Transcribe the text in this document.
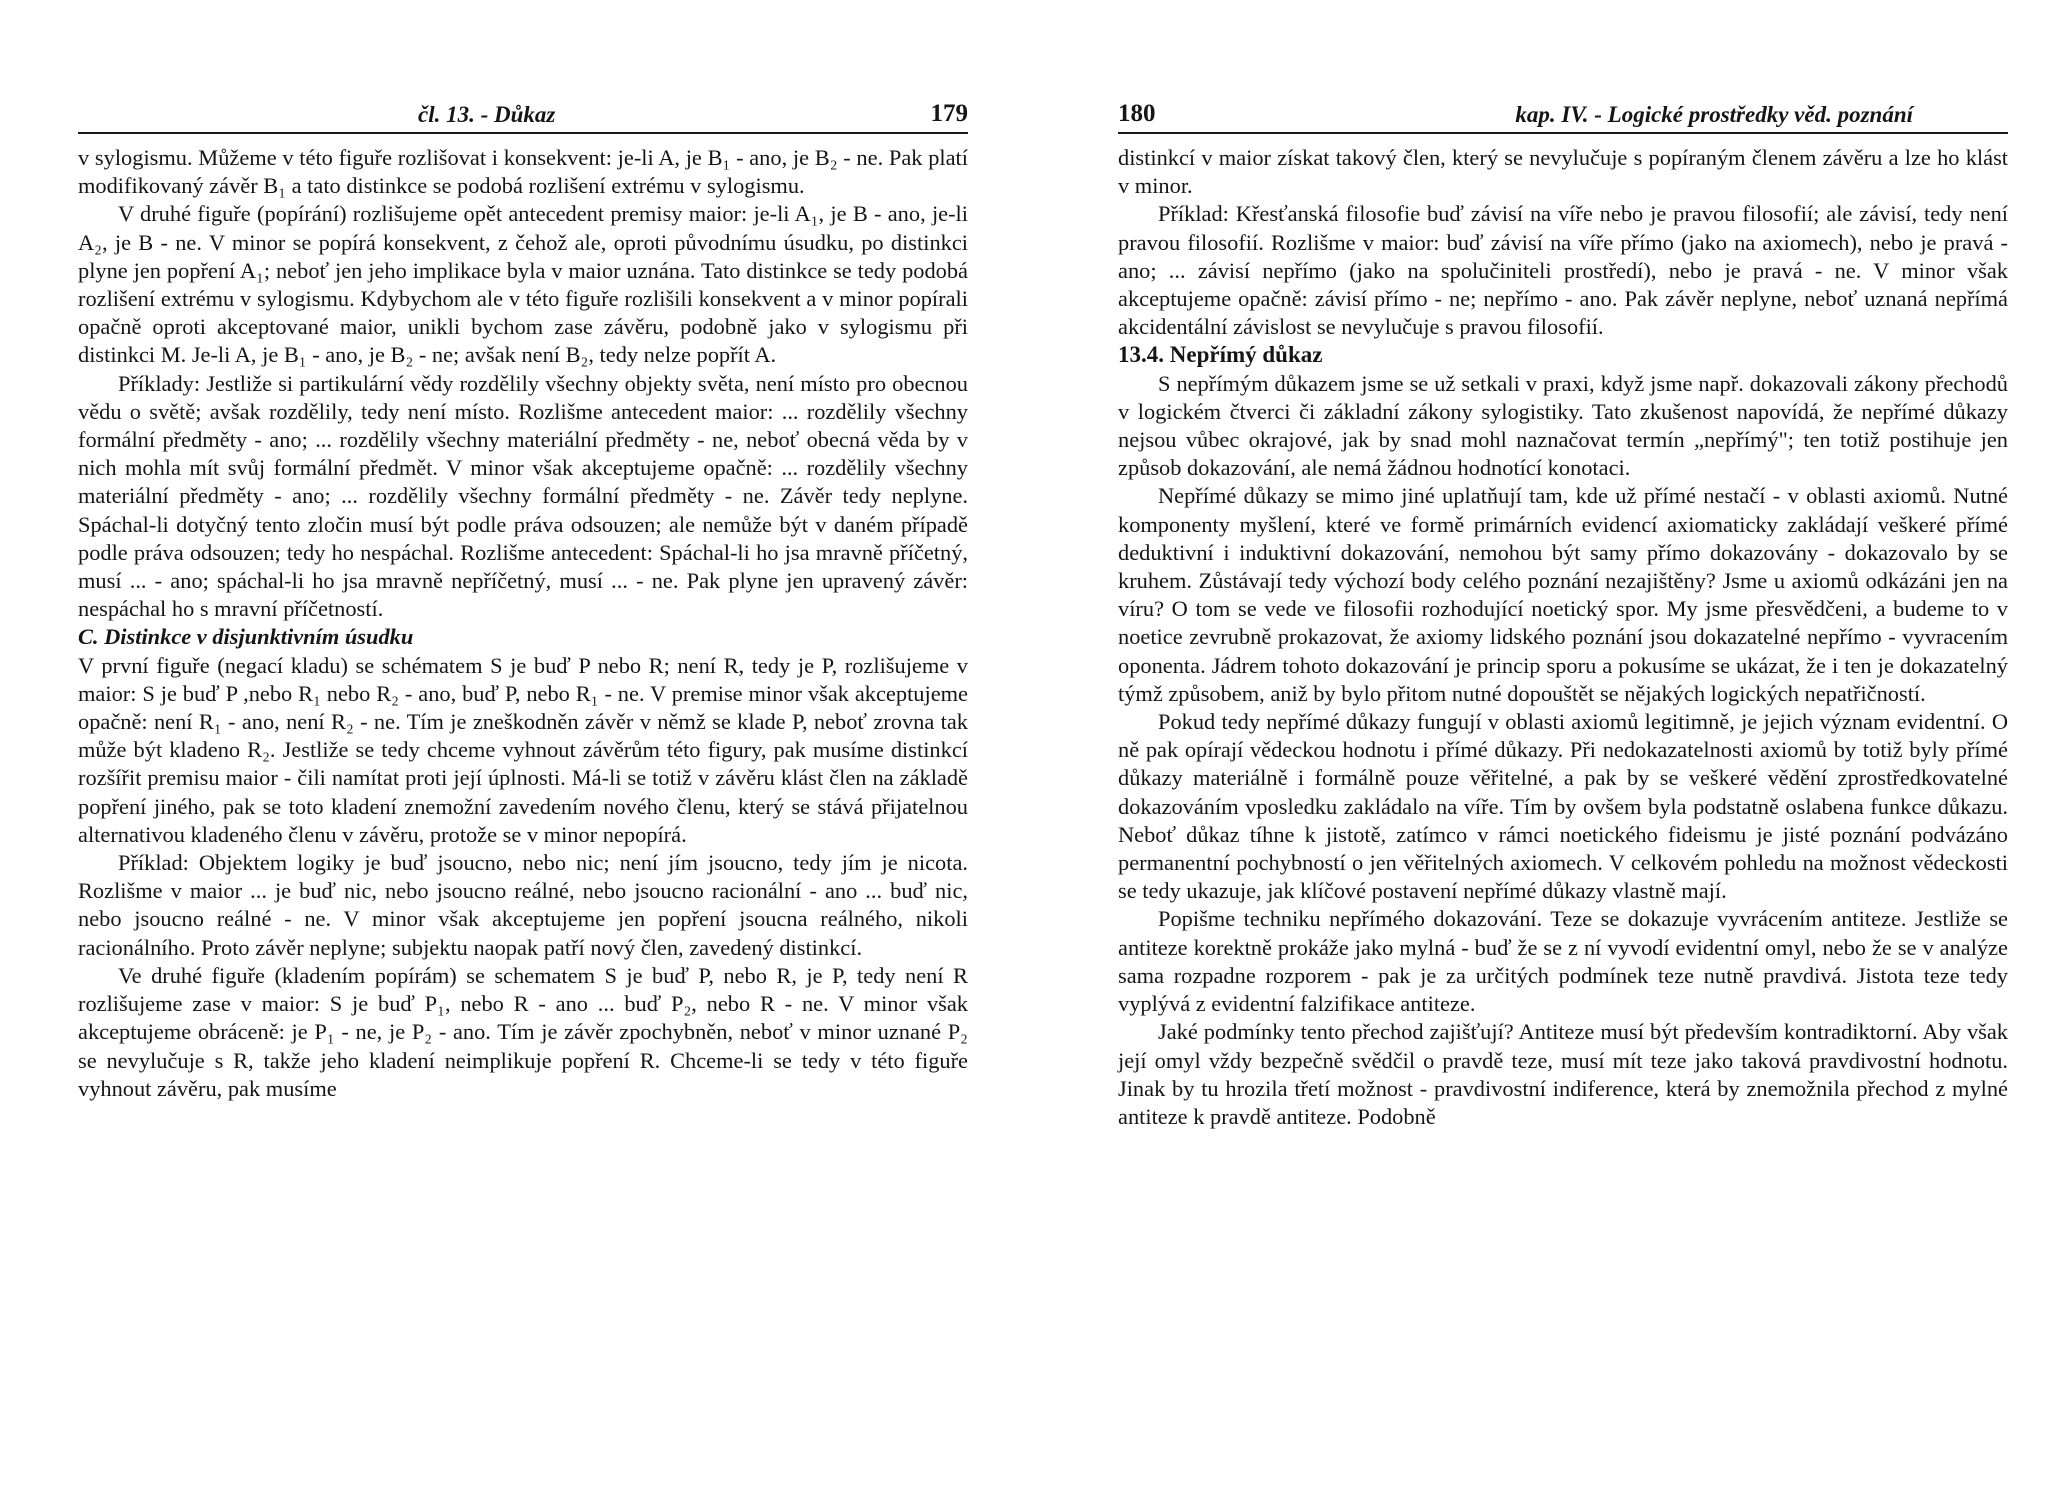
čl. 13. - Důkaz	179

v sylogismu. Můžeme v této figuře rozlišovat i konsekvent: je-li A, je B₁ - ano, je B₂ - ne. Pak platí modifikovaný závěr B₁ a tato distinkce se podobá rozlišení extrému v sylogismu.

V druhé figuře (popírání) rozlišujeme opět antecedent premisy maior: je-li A₁, je B - ano, je-li A₂, je B - ne. V minor se popírá konsekvent, z čehož ale, oproti původnímu úsudku, po distinkci plyne jen popření A₁; neboť jen jeho implikace byla v maior uznána. Tato distinkce se tedy podobá rozlišení extrému v sylogismu. Kdybychom ale v této figuře rozlišili konsekvent a v minor popírali opačně oproti akceptované maior, unikli bychom zase závěru, podobně jako v sylogismu při distinkci M. Je-li A, je B₁ - ano, je B₂ - ne; avšak není B₂, tedy nelze popřít A.

Příklady: Jestliže si partikulární vědy rozdělily všechny objekty světa, není místo pro obecnou vědu o světě; avšak rozdělily, tedy není místo. Rozlišme antecedent maior: ... rozdělily všechny formální předměty - ano; ... rozdělily všechny materiální předměty - ne, neboť obecná věda by v nich mohla mít svůj formální předmět. V minor však akceptujeme opačně: ... rozdělily všechny materiální předměty - ano; ... rozdělily všechny formální předměty - ne. Závěr tedy neplyne. Spáchal-li dotyčný tento zločin musí být podle práva odsouzen; ale nemůže být v daném případě podle práva odsouzen; tedy ho nespáchal. Rozlišme antecedent: Spáchal-li ho jsa mravně příčetný, musí ... - ano; spáchal-li ho jsa mravně nepříčetný, musí ... - ne. Pak plyne jen upravený závěr: nespáchal ho s mravní příčetností.

C. Distinkce v disjunktivním úsudku

V první figuře (negací kladu) se schématem S je buď P nebo R; není R, tedy je P, rozlišujeme v maior: S je buď P ,nebo R₁ nebo R₂ - ano, buď P, nebo R₁ - ne. V premise minor však akceptujeme opačně: není R₁ - ano, není R₂ - ne. Tím je zneškodněn závěr v němž se klade P, neboť zrovna tak může být kladeno R₂. Jestliže se tedy chceme vyhnout závěrům této figury, pak musíme distinkcí rozšířit premisu maior - čili namítat proti její úplnosti. Má-li se totiž v závěru klást člen na základě popření jiného, pak se toto kladení znemožní zavedením nového členu, který se stává přijatelnou alternativou kladeného členu v závěru, protože se v minor nepopírá.

Příklad: Objektem logiky je buď jsoucno, nebo nic; není jím jsoucno, tedy jím je nicota. Rozlišme v maior ... je buď nic, nebo jsoucno reálné, nebo jsoucno racionální - ano ... buď nic, nebo jsoucno reálné - ne. V minor však akceptujeme jen popření jsoucna reálného, nikoli racionálního. Proto závěr neplyne; subjektu naopak patří nový člen, zavedený distinkcí.

Ve druhé figuře (kladením popírám) se schematem S je buď P, nebo R, je P, tedy není R rozlišujeme zase v maior: S je buď P₁, nebo R - ano ... buď P₂, nebo R - ne. V minor však akceptujeme obráceně: je P₁ - ne, je P₂ - ano. Tím je závěr zpochybněn, neboť v minor uznané P₂ se nevylučuje s R, takže jeho kladení neimplikuje popření R. Chceme-li se tedy v této figuře vyhnout závěru, pak musíme

180	kap. IV. - Logické prostředky věd. poznání

distinkcí v maior získat takový člen, který se nevylučuje s popíraným členem závěru a lze ho klást v minor.

Příklad: Křesťanská filosofie buď závisí na víře nebo je pravou filosofií; ale závisí, tedy není pravou filosofií. Rozlišme v maior: buď závisí na víře přímo (jako na axiomech), nebo je pravá - ano; ... závisí nepřímo (jako na spolučiniteli prostředí), nebo je pravá - ne. V minor však akceptujeme opačně: závisí přímo - ne; nepřímo - ano. Pak závěr neplyne, neboť uznaná nepřímá akcidentální závislost se nevylučuje s pravou filosofií.

13.4. Nepřímý důkaz

S nepřímým důkazem jsme se už setkali v praxi, když jsme např. dokazovali zákony přechodů v logickém čtverci či základní zákony sylogistiky. Tato zkušenost napovídá, že nepřímé důkazy nejsou vůbec okrajové, jak by snad mohl naznačovat termín „nepřímý"; ten totiž postihuje jen způsob dokazování, ale nemá žádnou hodnotící konotaci.

Nepřímé důkazy se mimo jiné uplatňují tam, kde už přímé nestačí - v oblasti axiomů. Nutné komponenty myšlení, které ve formě primárních evidencí axiomaticky zakládají veškeré přímé deduktivní i induktivní dokazování, nemohou být samy přímo dokazovány - dokazovalo by se kruhem. Zůstávají tedy výchozí body celého poznání nezajištěny? Jsme u axiomů odkázáni jen na víru? O tom se vede ve filosofii rozhodující noetický spor. My jsme přesvědčeni, a budeme to v noetice zevrubně prokazovat, že axiomy lidského poznání jsou dokazatelné nepřímo - vyvracením oponenta. Jádrem tohoto dokazování je princip sporu a pokusíme se ukázat, že i ten je dokazatelný týmž způsobem, aniž by bylo přitom nutné dopouštět se nějakých logických nepatřičností.

Pokud tedy nepřímé důkazy fungují v oblasti axiomů legitimně, je jejich význam evidentní. O ně pak opírají vědeckou hodnotu i přímé důkazy. Při nedokazatelnosti axiomů by totiž byly přímé důkazy materiálně i formálně pouze věřitelné, a pak by se veškeré vědění zprostředkovatelné dokazováním vposledku zakládalo na víře. Tím by ovšem byla podstatně oslabena funkce důkazu. Neboť důkaz tíhne k jistotě, zatímco v rámci noetického fideismu je jisté poznání podvázáno permanentní pochybností o jen věřitelných axiomech. V celkovém pohledu na možnost vědeckosti se tedy ukazuje, jak klíčové postavení nepřímé důkazy vlastně mají.

Popišme techniku nepřímého dokazování. Teze se dokazuje vyvrácením antiteze. Jestliže se antiteze korektně prokáže jako mylná - buď že se z ní vyvodí evidentní omyl, nebo že se v analýze sama rozpadne rozporem - pak je za určitých podmínek teze nutně pravdivá. Jistota teze tedy vyplývá z evidentní falzifikace antiteze.

Jaké podmínky tento přechod zajišťují? Antiteze musí být především kontradiktorní. Aby však její omyl vždy bezpečně svědčil o pravdě teze, musí mít teze jako taková pravdivostní hodnotu. Jinak by tu hrozila třetí možnost - pravdivostní indiference, která by znemožnila přechod z mylné antiteze k pravdě antiteze. Podobně
